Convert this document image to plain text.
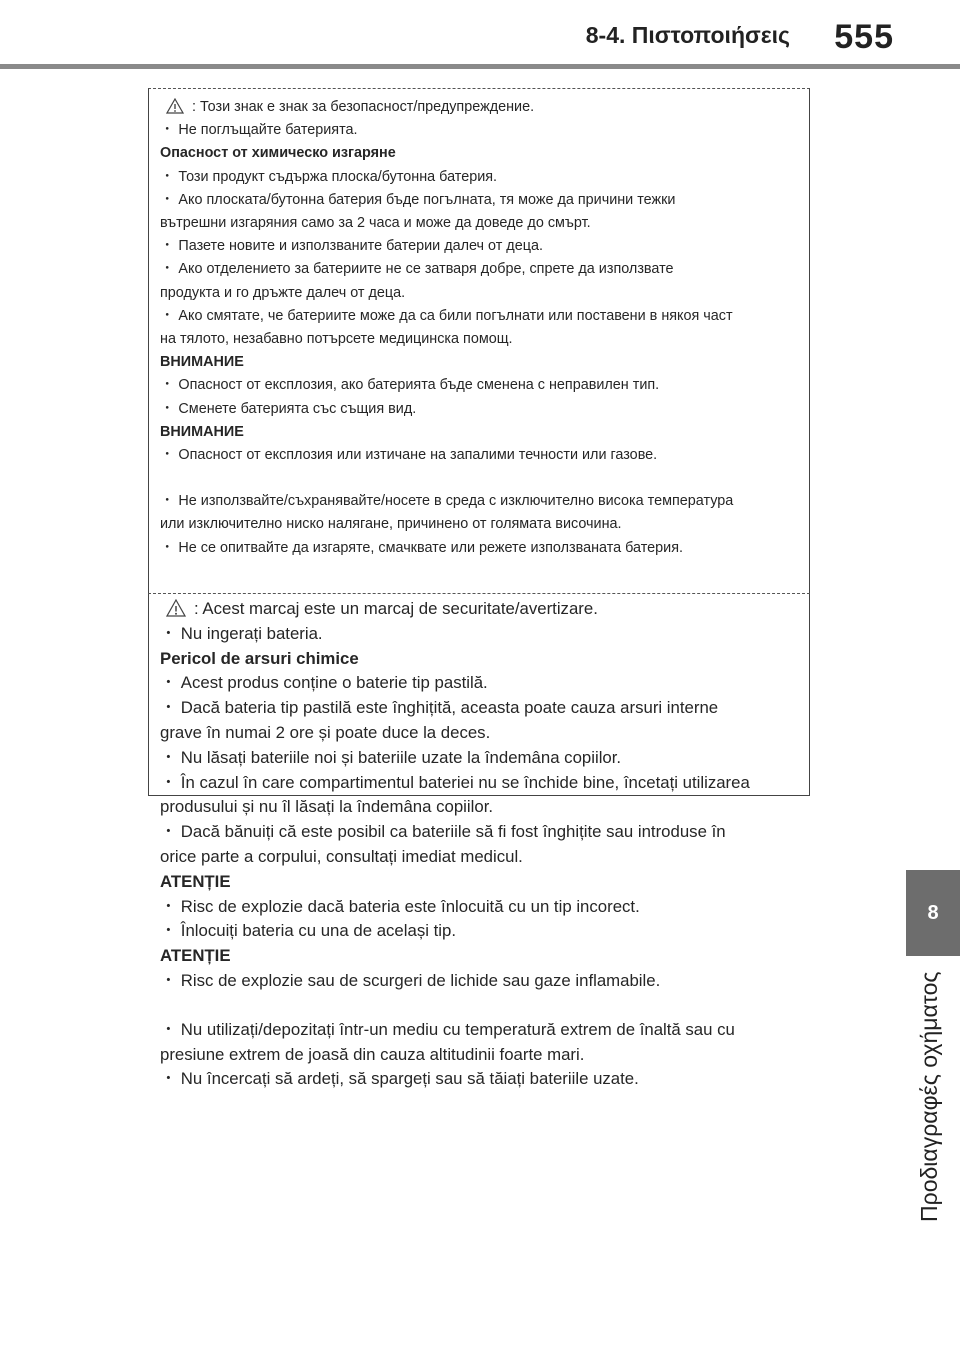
8-4. Πιστοποιήσεις 555
8
Προδιαγραφές οχήματος
: Този знак е знак за безопасност/предупреждение.
・ Не поглъщайте батерията.
Опасност от химическо изгаряне
・ Този продукт съдържа плоска/бутонна батерия.
・ Ако плоската/бутонна батерия бъде погълната, тя може да причини тежки
вътрешни изгаряния само за 2 часа и може да доведе до смърт.
・ Пазете новите и използваните батерии далеч от деца.
・ Ако отделението за батериите не се затваря добре, спрете да използвате
продукта и го дръжте далеч от деца.
・ Ако смятате, че батериите може да са били погълнати или поставени в някоя част
на тялото, незабавно потърсете медицинска помощ.
ВНИМАНИЕ
・ Опасност от експлозия, ако батерията бъде сменена с неправилен тип.
・ Сменете батерията със същия вид.
ВНИМАНИЕ
・ Опасност от експлозия или изтичане на запалими течности или газове.
・ Не използвайте/съхранявайте/носете в среда с изключително висока температура
или изключително ниско налягане, причинено от голямата височина.
・ Не се опитвайте да изгаряте, смачквате или режете използваната батерия.
: Acest marcaj este un marcaj de securitate/avertizare.
・ Nu ingerați bateria.
Pericol de arsuri chimice
・ Acest produs conține o baterie tip pastilă.
・ Dacă bateria tip pastilă este înghițită, aceasta poate cauza arsuri interne
grave în numai 2 ore și poate duce la deces.
・ Nu lăsați bateriile noi și bateriile uzate la îndemâna copiilor.
・ În cazul în care compartimentul bateriei nu se închide bine, încetați utilizarea
produsului și nu îl lăsați la îndemâna copiilor.
・ Dacă bănuiți că este posibil ca bateriile să fi fost înghițite sau introduse în
orice parte a corpului, consultați imediat medicul.
ATENȚIE
・ Risc de explozie dacă bateria este înlocuită cu un tip incorect.
・ Înlocuiți bateria cu una de același tip.
ATENȚIE
・ Risc de explozie sau de scurgeri de lichide sau gaze inflamabile.
・ Nu utilizați/depozitați într-un mediu cu temperatură extrem de înaltă sau cu
presiune extrem de joasă din cauza altitudinii foarte mari.
・ Nu încercați să ardeți, să spargeți sau să tăiați bateriile uzate.
